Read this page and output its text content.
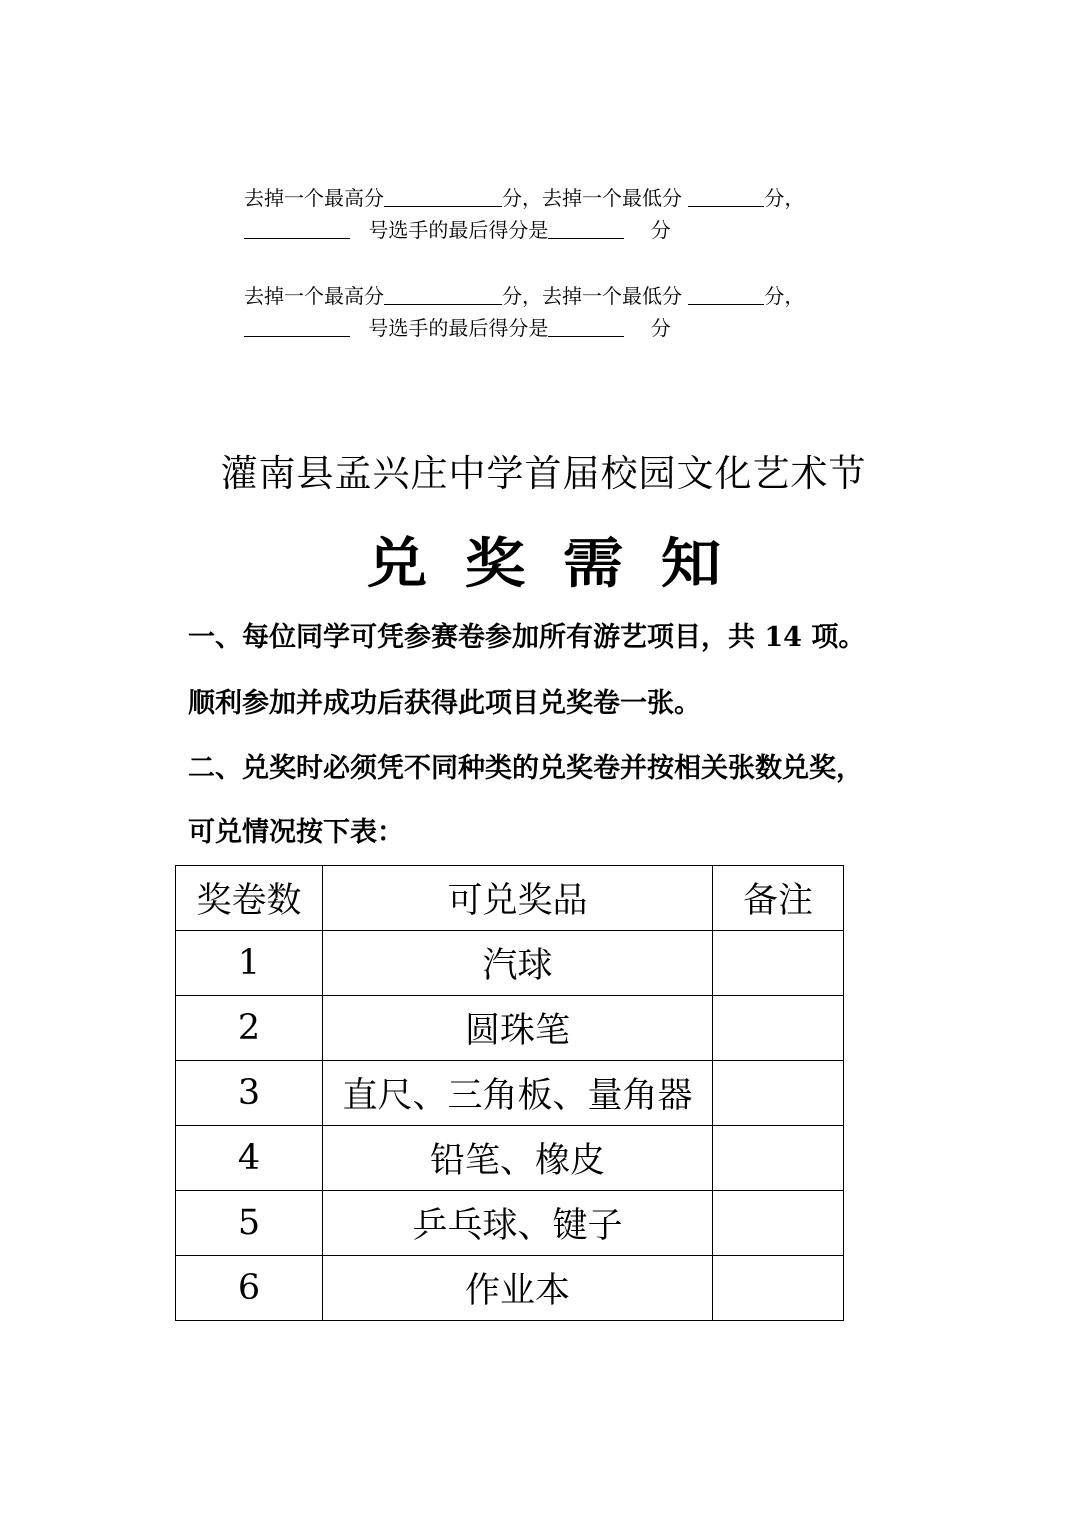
去掉一个最高分	分，去掉一个最低分	分，
号选手的最后得分是	分
去掉一个最高分	分，去掉一个最低分	分，
号选手的最后得分是	分
灌南县孟兴庄中学首届校园文化艺术节
兑 奖 需 知
一、每位同学可凭参赛卷参加所有游艺项目，共 14 项。
顺利参加并成功后获得此项目兑奖卷一张。
二、兑奖时必须凭不同种类的兑奖卷并按相关张数兑奖，
可兑情况按下表：
奖卷数	可兑奖品	备注
1	汽球	
2	圆珠笔	
3	直尺、三角板、量角器	
4	铅笔、橡皮	
5	乒乓球、键子	
6	作业本	
